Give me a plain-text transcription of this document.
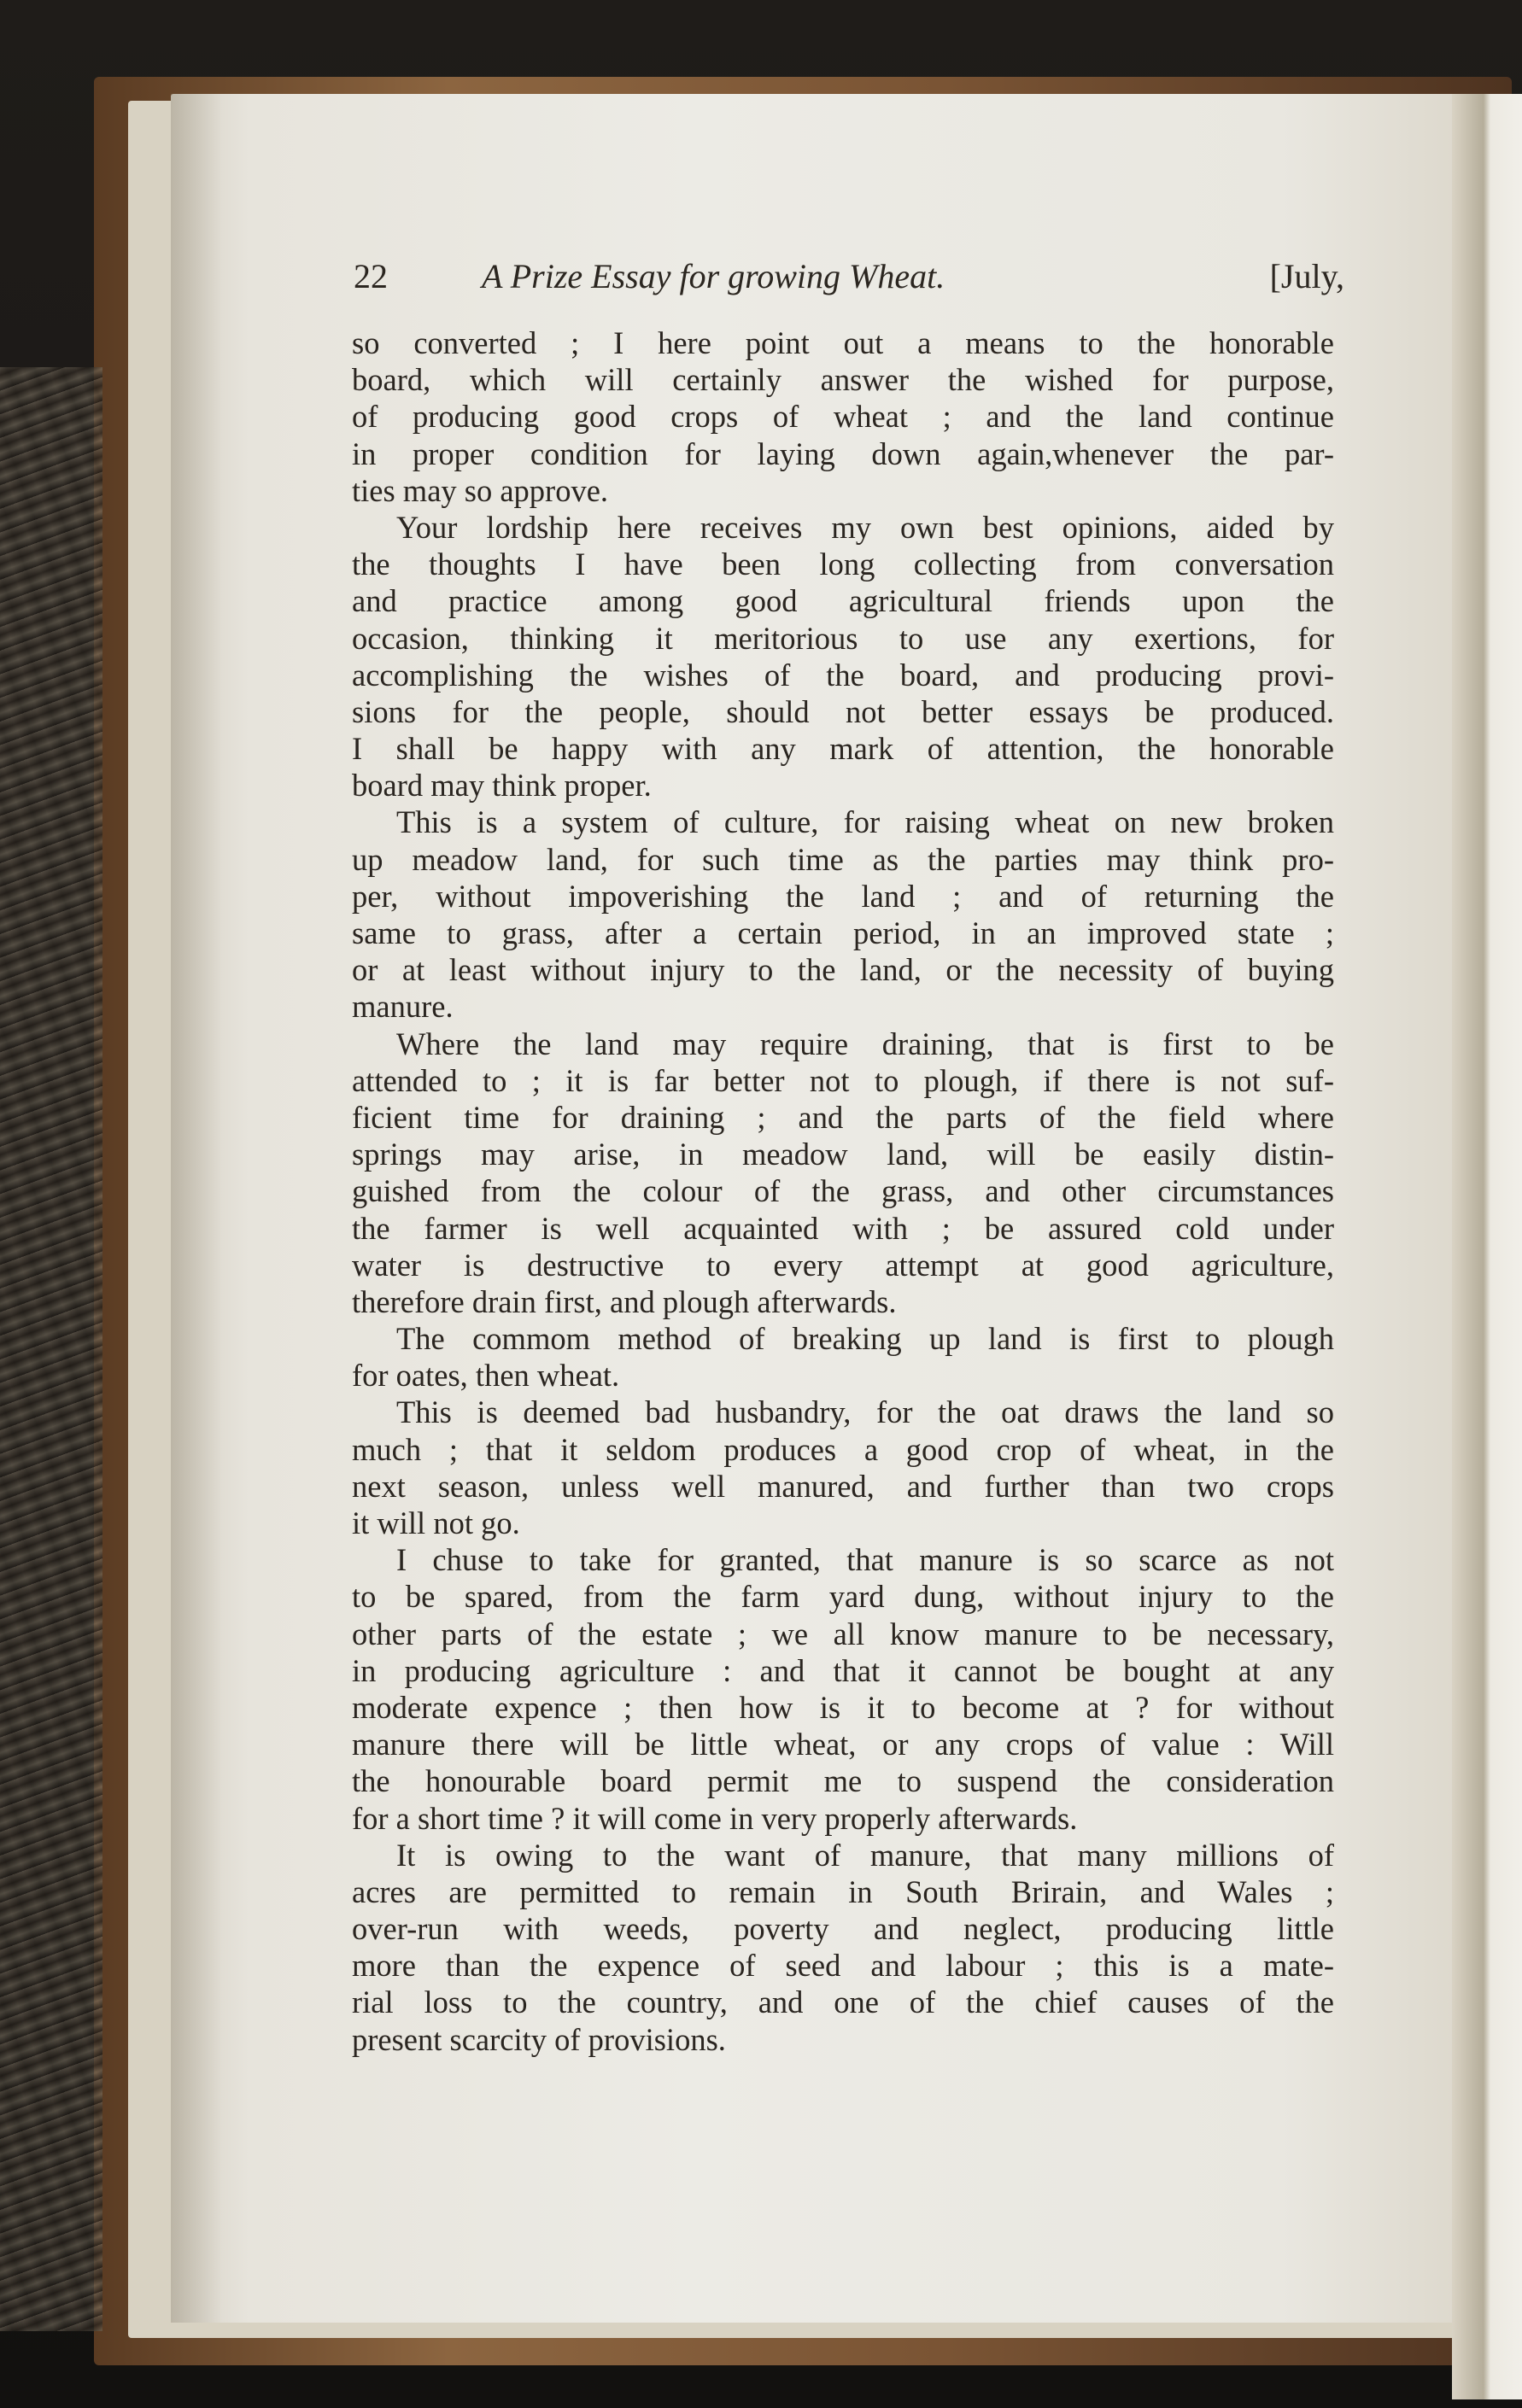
22	A Prize Essay for growing Wheat.	[July,
so converted ; I here point out a means to the honorable
board, which will certainly answer the wished for purpose,
of producing good crops of wheat ; and the land continue
in proper condition for laying down again,whenever the par-
ties may so approve.
Your lordship here receives my own best opinions, aided by
the thoughts I have been long collecting from conversation
and practice among good agricultural friends upon the
occasion, thinking it meritorious to use any exertions, for
accomplishing the wishes of the board, and producing provi-
sions for the people, should not better essays be produced.
I shall be happy with any mark of attention, the honorable
board may think proper.
This is a system of culture, for raising wheat on new broken
up meadow land, for such time as the parties may think pro-
per, without impoverishing the land ; and of returning the
same to grass, after a certain period, in an improved state ;
or at least without injury to the land, or the necessity of buying
manure.
Where the land may require draining, that is first to be
attended to ; it is far better not to plough, if there is not suf-
ficient time for draining ; and the parts of the field where
springs may arise, in meadow land, will be easily distin-
guished from the colour of the grass, and other circumstances
the farmer is well acquainted with ; be assured cold under
water is destructive to every attempt at good agriculture,
therefore drain first, and plough afterwards.
The commom method of breaking up land is first to plough
for oates, then wheat.
This is deemed bad husbandry, for the oat draws the land so
much ; that it seldom produces a good crop of wheat, in the
next season, unless well manured, and further than two crops
it will not go.
I chuse to take for granted, that manure is so scarce as not
to be spared, from the farm yard dung, without injury to the
other parts of the estate ; we all know manure to be necessary,
in producing agriculture : and that it cannot be bought at any
moderate expence ; then how is it to become at ? for without
manure there will be little wheat, or any crops of value : Will
the honourable board permit me to suspend the consideration
for a short time ? it will come in very properly afterwards.
It is owing to the want of manure, that many millions of
acres are permitted to remain in South Brirain, and Wales ;
over-run with weeds, poverty and neglect, producing little
more than the expence of seed and labour ; this is a mate-
rial loss to the country, and one of the chief causes of the
present scarcity of provisions.
